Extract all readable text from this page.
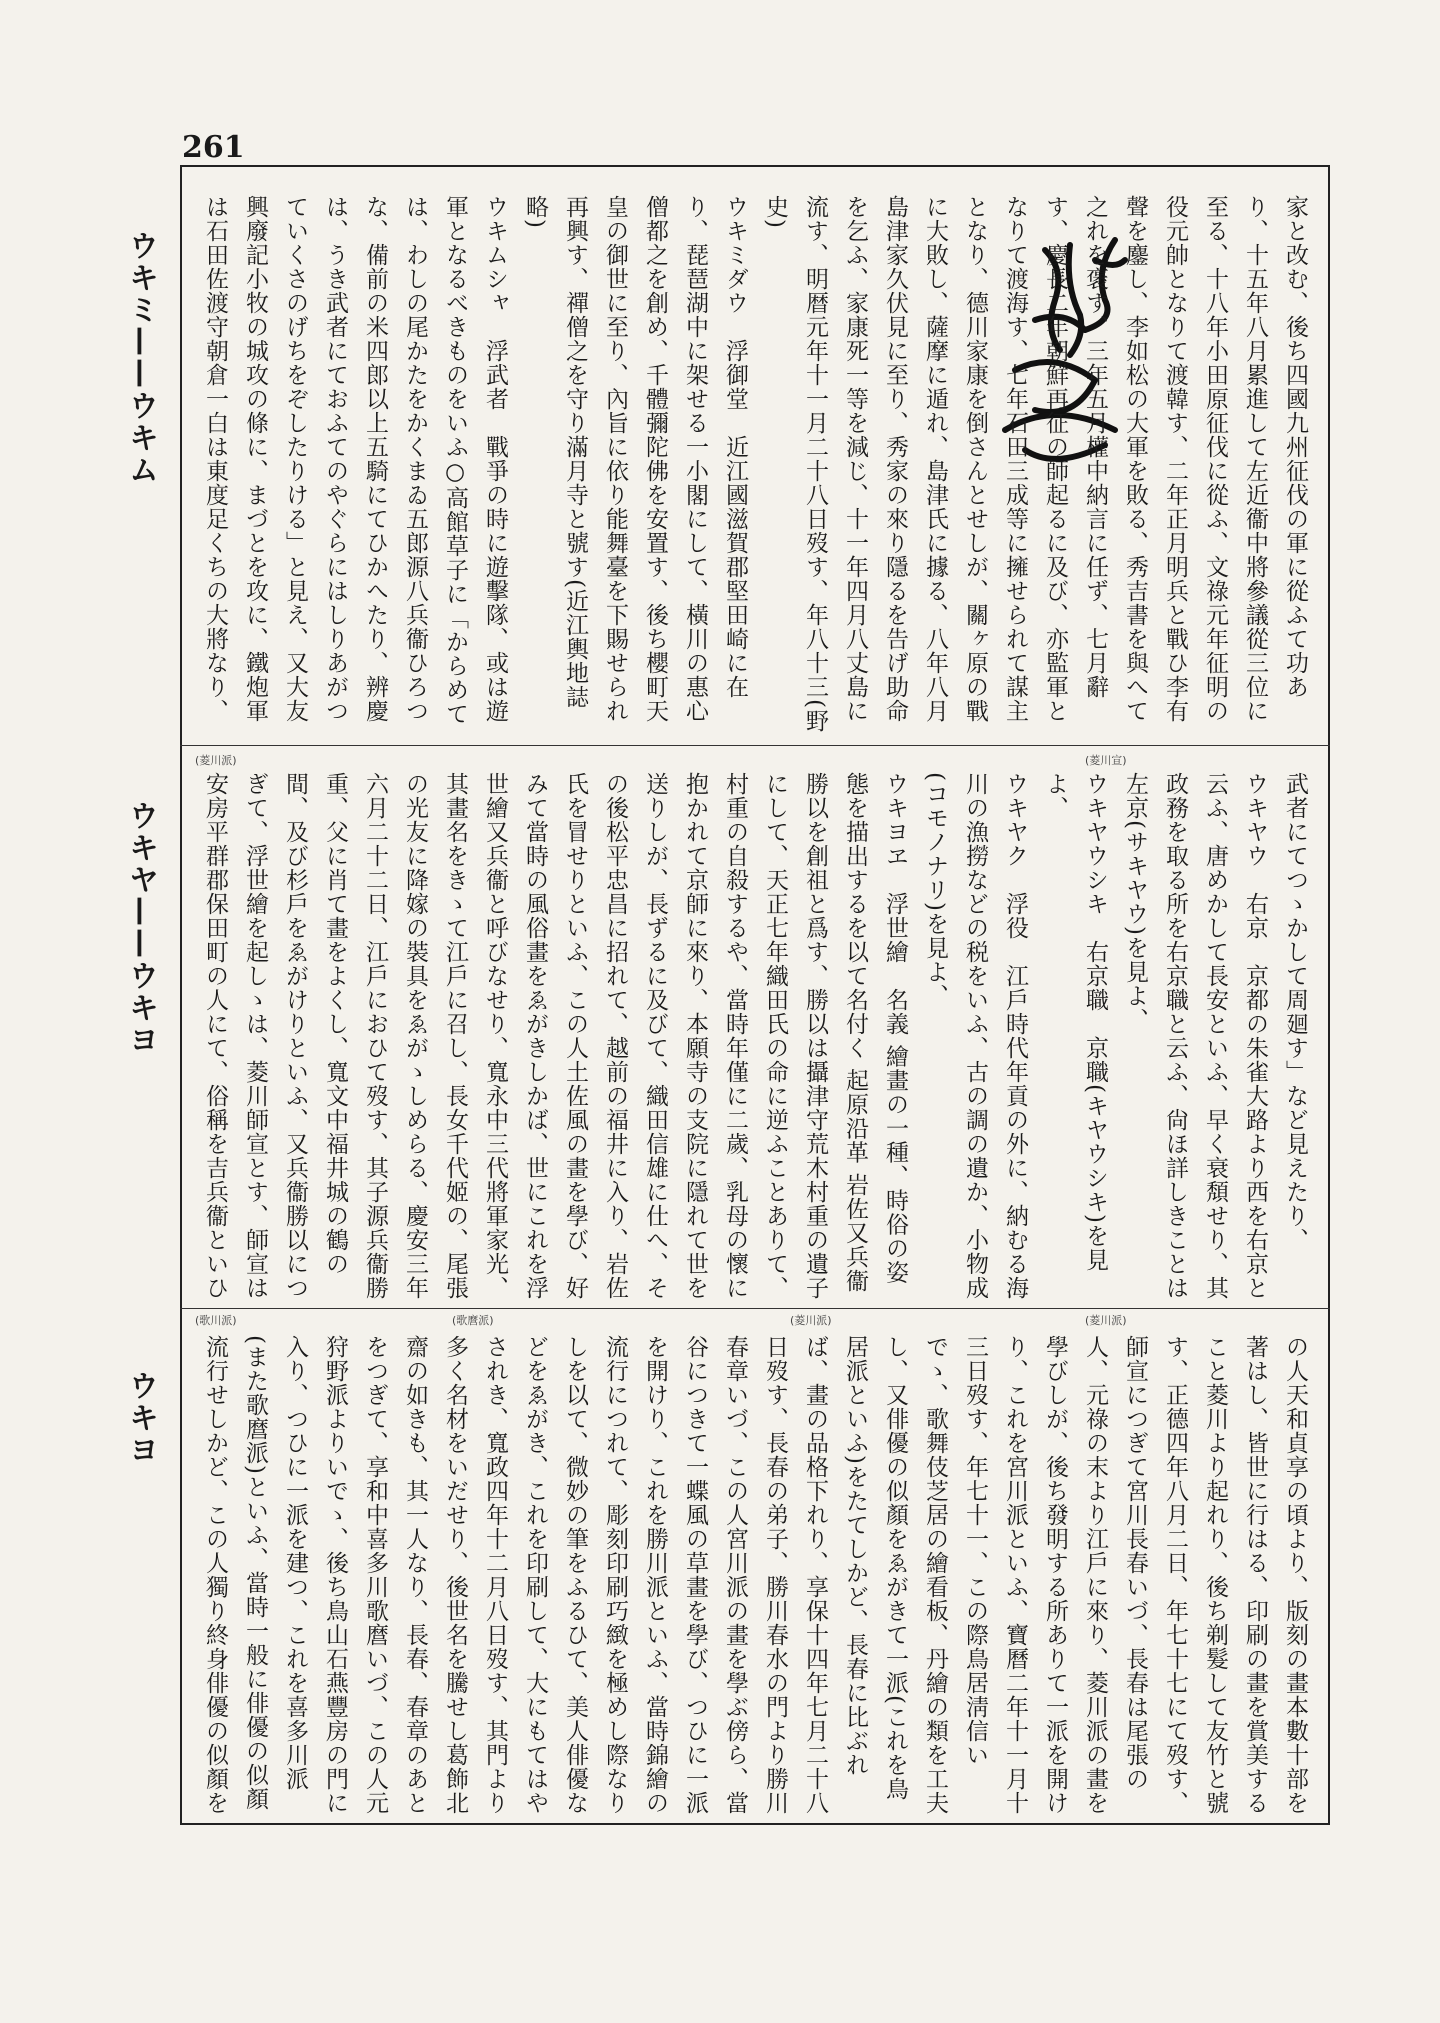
261
ウキミ——ウキム
ウキヤ——ウキヨ
ウキヨ
(菱川宣)
(菱川派)
(菱川派)
(歌麿派)
(歌川派)
(菱川派)
家と改む、後ち四國九州征伐の軍に從ふて功あり、十五年八月累進して左近衞中將參議從三位に至る、十八年小田原征伐に從ふ、文祿元年征明の役元帥となりて渡韓す、二年正月明兵と戰ひ李有聲を鏖し、李如松の大軍を敗る、秀吉書を與へて之れを褒す、三年五月權中納言に任ず、七月辭す、慶長二年朝鮮再征の師起るに及び、亦監軍となりて渡海す、七年石田三成等に擁せられて謀主となり、德川家康を倒さんとせしが、關ヶ原の戰に大敗し、薩摩に遁れ、島津氏に據る、八年八月島津家久伏見に至り、秀家の來り隱るを告げ助命を乞ふ、家康死一等を減じ、十一年四月八丈島に流す、明暦元年十一月二十八日歿す、年八十三(野史)
ウキミダウ　浮御堂　近江國滋賀郡堅田崎に在り、琵琶湖中に架せる一小閣にして、橫川の惠心僧都之を創め、千體彌陀佛を安置す、後ち櫻町天皇の御世に至り、內旨に依り能舞臺を下賜せられ再興す、禪僧之を守り滿月寺と號す(近江輿地誌略)
ウキムシャ　浮武者　戰爭の時に遊擊隊、或は遊軍となるべきものをいふ○高館草子に「からめては、わしの尾かたをかくまゐ五郎源八兵衞ひろつな、備前の米四郎以上五騎にてひかへたり、辨慶は、うき武者にておふてのやぐらにはしりあがつていくさのげちをぞしたりける」と見え、又大友興廢記小牧の城攻の條に、まづとを攻に、鐵炮軍は石田佐渡守朝倉一白は東度足くちの大將なり、
武者にてつゝかして周廻す」など見えたり、
ウキヤウ　右京　京都の朱雀大路より西を右京と云ふ、唐めかして長安といふ、早く衰頽せり、其政務を取る所を右京職と云ふ、尙ほ詳しきことは左京(サキヤウ)を見よ、
ウキヤウシキ　右京職　京職(キヤウシキ)を見よ、
ウキヤク　浮役　江戶時代年貢の外に、納むる海川の漁撈などの税をいふ、古の調の遺か、小物成(コモノナリ)を見よ、
ウキヨヱ　浮世繪　名義 繪畫の一種、時俗の姿態を描出するを以て名付く 起原沿革 岩佐又兵衞勝以を創祖と爲す、勝以は攝津守荒木村重の遺子にして、天正七年織田氏の命に逆ふことありて、村重の自殺するや、當時年僅に二歲、乳母の懷に抱かれて京師に來り、本願寺の支院に隱れて世を送りしが、長ずるに及びて、織田信雄に仕へ、その後松平忠昌に招れて、越前の福井に入り、岩佐氏を冒せりといふ、この人土佐風の畫を學び、好みて當時の風俗畫をゑがきしかば、世にこれを浮世繪又兵衞と呼びなせり、寬永中三代將軍家光、其畫名をきゝて江戶に召し、長女千代姬の、尾張の光友に降嫁の裝具をゑがゝしめらる、慶安三年六月二十二日、江戶におひて歿す、其子源兵衞勝重、父に肖て畫をよくし、寬文中福井城の鶴の間、及び杉戶をゑがけりといふ、又兵衞勝以につぎて、浮世繪を起しゝは、菱川師宣とす、師宣は安房平群郡保田町の人にて、俗稱を吉兵衞といひ
の人天和貞享の頃より、版刻の畫本數十部を著はし、皆世に行はる、印刷の畫を賞美すること菱川より起れり、後ち剃髮して友竹と號す、正德四年八月二日、年七十七にて歿す、師宣につぎて宮川長春いづ、長春は尾張の人、元祿の末より江戶に來り、菱川派の畫を學びしが、後ち發明する所ありて一派を開けり、これを宮川派といふ、寶曆二年十一月十三日歿す、年七十一、この際鳥居淸信いでゝ、歌舞伎芝居の繪看板、丹繪の類を工夫し、又俳優の似顏をゑがきて一派(これを鳥居派といふ)をたてしかど、長春に比ぶれば、畫の品格下れり、享保十四年七月二十八日歿す、長春の弟子、勝川春水の門より勝川春章いづ、この人宮川派の畫を學ぶ傍ら、當谷につきて一蝶風の草畫を學び、つひに一派を開けり、これを勝川派といふ、當時錦繪の流行につれて、彫刻印刷巧緻を極めし際なりしを以て、微妙の筆をふるひて、美人俳優などをゑがき、これを印刷して、大にもてはやされき、寬政四年十二月八日歿す、其門より多く名材をいだせり、後世名を騰せし葛飾北齋の如きも、其一人なり、長春、春章のあとをつぎて、享和中喜多川歌麿いづ、この人元狩野派よりいでゝ、後ち鳥山石燕豐房の門に入り、つひに一派を建つ、これを喜多川派(また歌麿派)といふ、當時一般に俳優の似顏流行せしかど、この人獨り終身俳優の似顏を
